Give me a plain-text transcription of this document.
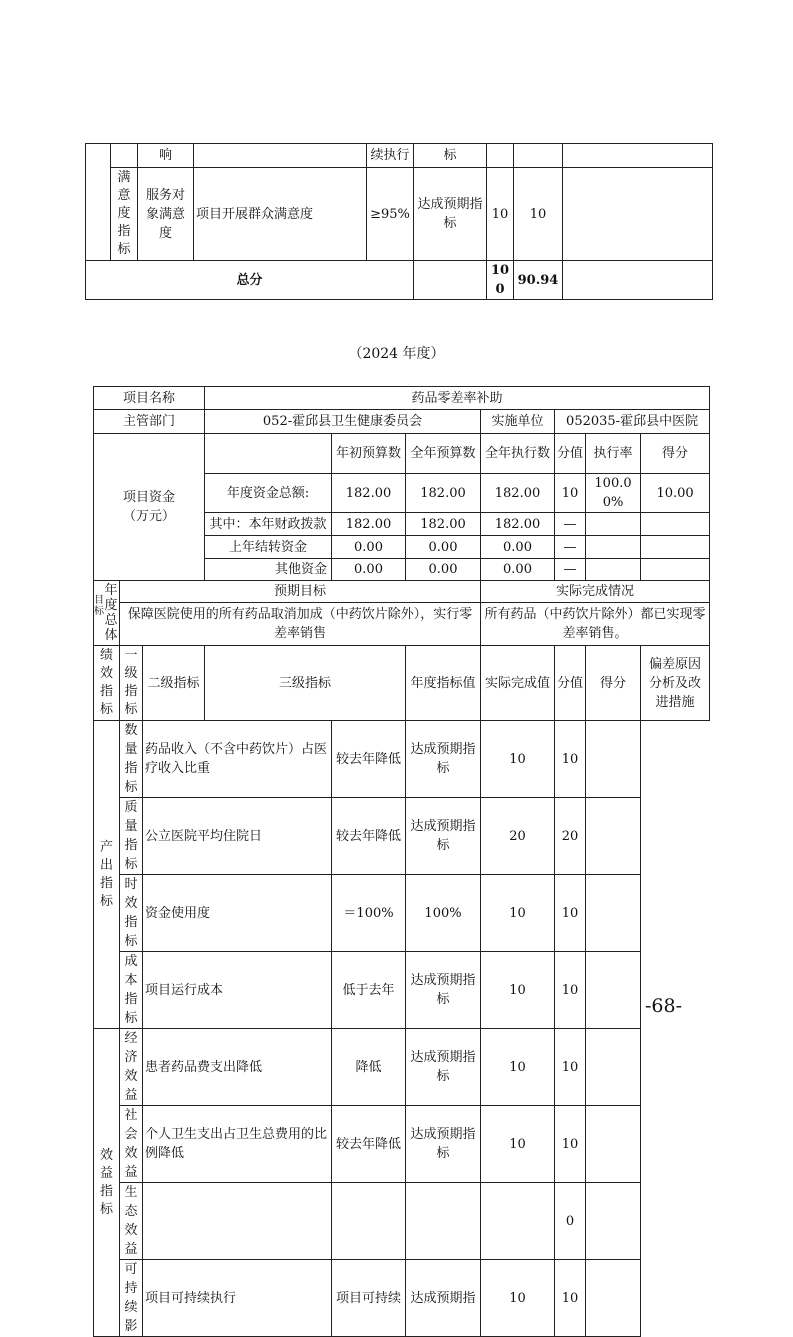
		响		续执行	标			
	满意度指标	服务对象满意度	项目开展群众满意度	≥95%	达成预期指标	10	10	
总分						100	90.94	
（2024 年度）
项目名称			药品零差率补助						
主管部门			052-霍邱县卫生健康委员会			实施单位	052035-霍邱县中医院		
项目资金（万元）				年初预算数	全年预算数	全年执行数	分值	执行率	得分
			年度资金总额:	182.00	182.00	182.00	10	100.00%	10.00
			其中：本年财政拨款	182.00	182.00	182.00	—		
			上年结转资金	0.00	0.00	0.00	—		
			其他资金	0.00	0.00	0.00	—		

目标
年度总体	预期目标					实际完成情况			
	保障医院使用的所有药品取消加成（中药饮片除外），实行零差率销售					所有药品（中药饮片除外）都已实现零差率销售。			
绩效指标	一级指标	二级指标	三级指标		年度指标值	实际完成值	分值	得分	偏差原因分析及改进措施
产出指标	数量指标	药品收入（不含中药饮片）占医疗收入比重		较去年降低	达成预期指标	10	10		
	质量指标	公立医院平均住院日		较去年降低	达成预期指标	20	20		
	时效指标	资金使用度		＝100%	100%	10	10		
	成本指标	项目运行成本		低于去年	达成预期指标	10	10		
效益指标	经济效益	患者药品费支出降低		降低	达成预期指标	10	10		
	社会效益	个人卫生支出占卫生总费用的比例降低		较去年降低	达成预期指标	10	10		
	生态效益						0		
	可持续影	项目可持续执行		项目可持续	达成预期指	10	10		
-68-
